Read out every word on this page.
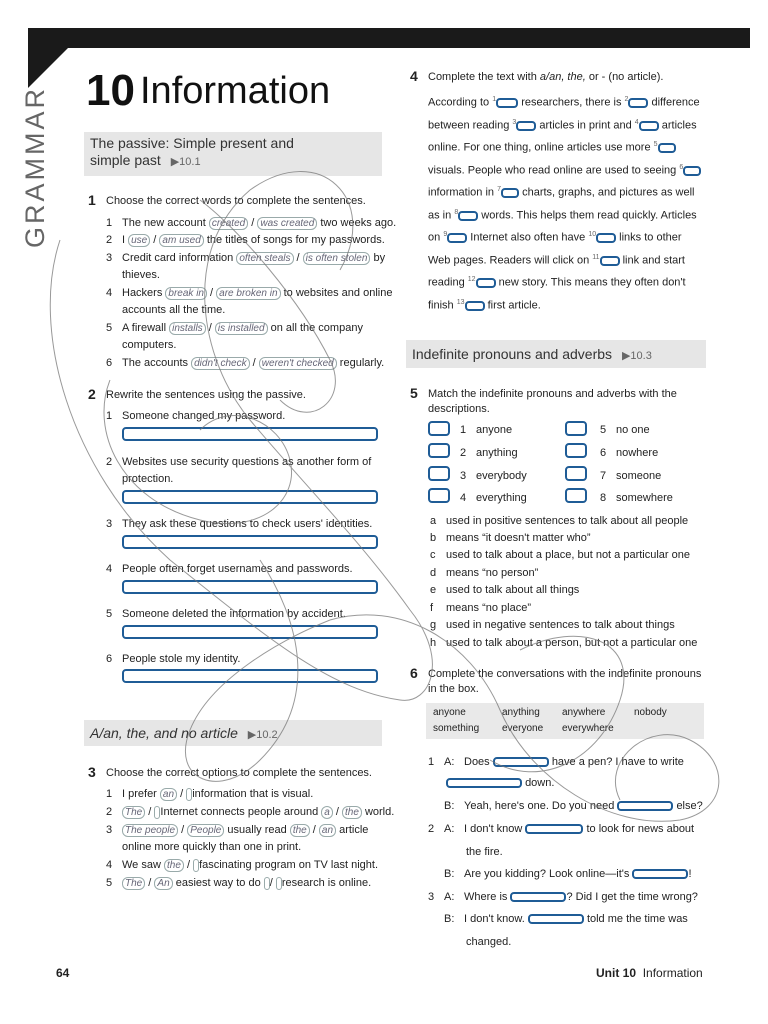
GRAMMAR 10 Information
The passive: Simple present and
simple past ▶10.1
1 Choose the correct words to complete the sentences.
1 The new account created / was created two weeks ago.
2 I use / am used the titles of songs for my passwords.
3 Credit card information often steals / is often stolen by
thieves.
4 Hackers break in / are broken in to websites and online
accounts all the time.
5 A firewall installs / is installed on all the company
computers.
6 The accounts didn't check / weren't checked regularly.
2 Rewrite the sentences using the passive.
1 Someone changed my password.
2 Websites use security questions as another form of
protection.
3 They ask these questions to check users' identities.
4 People often forget usernames and passwords.
5 Someone deleted the information by accident.
6 People stole my identity.
A/an, the, and no article ▶10.2
3 Choose the correct options to complete the sentences.
1 I prefer an / information that is visual.
2 The / Internet connects people around a / the world.
3 The people / People usually read the / an article
online more quickly than one in print.
4 We saw the / fascinating program on TV last night.
5 The / An easiest way to do / research is online.
4 Complete the text with a/an, the, or - (no article).
According to $^1$ researchers, there is $^2$ difference
between reading $^3$ articles in print and $^4$ articles
online. For one thing, online articles use more $^5$
visuals. People who read online are used to seeing $^6$
information in $^7$ charts, graphs, and pictures as well
as in $^8$ words. This helps them read quickly. Articles
on $^9$ Internet also often have $^{10}$ links to other
Web pages. Readers will click on $^{11}$ link and start
reading $^{12}$ new story. This means they often don't
finish $^{13}$ first article.
Indefinite pronouns and adverbs ▶10.3
5 Match the indefinite pronouns and adverbs with the
descriptions.
1 anyone
2 anything
3 everybody
4 everything
5 no one
6 nowhere
7 someone
8 somewhere
a used in positive sentences to talk about all people
b means “it doesn't matter who”
c used to talk about a place, but not a particular one
d means “no person”
e used to talk about all things
f means “no place”
g used in negative sentences to talk about things
h used to talk about a person, but not a particular one
6 Complete the conversations with the indefinite pronouns
in the box.
anyone	anything anywhere	nobody
something everyone everywhere
1 A: Does	have a pen? I have to write
down.
B: Yeah, here's one. Do you need	else?
2 A: I don't know	to look for news about
the fire.
B: Are you kidding? Look online—it's	!
3 A: Where is	? Did I get the time wrong?
B: I don't know.	told me the time was
changed.
64	Unit 10 Information
